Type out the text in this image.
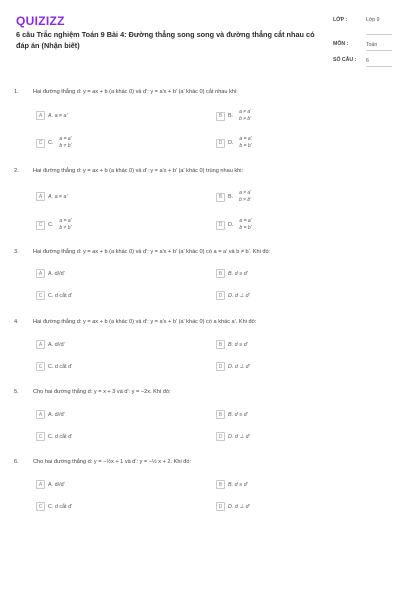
QUIZIZZ
6 câu Trắc nghiệm Toán 9 Bài 4: Đường thẳng song song và đường thẳng cắt nhau có đáp án (Nhận biết)
LỚP :	Lớp 9
MÔN :	Toán
SỐ CÂU : 6
1.	Hai đường thẳng d: y = ax + b (a khác 0) và d': y = a'x + b' (a' khác 0) cắt nhau khi:
A	A. a ≠ a'	B	B.
a ≠ a'
b ≠ b'
C	C.
a = a'
b ≠ b'	D	D.
a = a'
b = b'
2.	Hai đường thẳng d: y = ax + b (a khác 0) và d': y = a'x + b' (a' khác 0) trùng nhau khi:
A	A. a ≠ a'	B	B.
a ≠ a'
b ≠ b'
C	C.
a = a'
b ≠ b'	D	D.
a = a'
b = b'
3.	Hai đường thẳng d: y = ax + b (a khác 0) và d': y = a'x + b' (a' khác 0) có a = a' và b ≠ b'. Khi đó:
A	A. d//d'	B	B. d ≡ d'
C	C. d cắt d'	D	D. d ⊥ d'
4.	Hai đường thẳng d: y = ax + b (a khác 0) và d': y = a'x + b' (a' khác 0) có a khác a'. Khi đó:
A	A. d//d'	B	B. d ≡ d'
C	C. d cắt d'	D	D. d ⊥ d'
5.	Cho hai đường thẳng d: y = x + 3 và d': y = −2x. Khi đó:
A	A. d//d'	B	B. d ≡ d'
C	C. d cắt d'	D	D. d ⊥ d'
6.	Cho hai đường thẳng d: y = −½x + 1 và d': y = −½ x + 2. Khi đó:
A	A. d//d'	B	B. d ≡ d'
C	C. d cắt d'	D	D. d ⊥ d'
